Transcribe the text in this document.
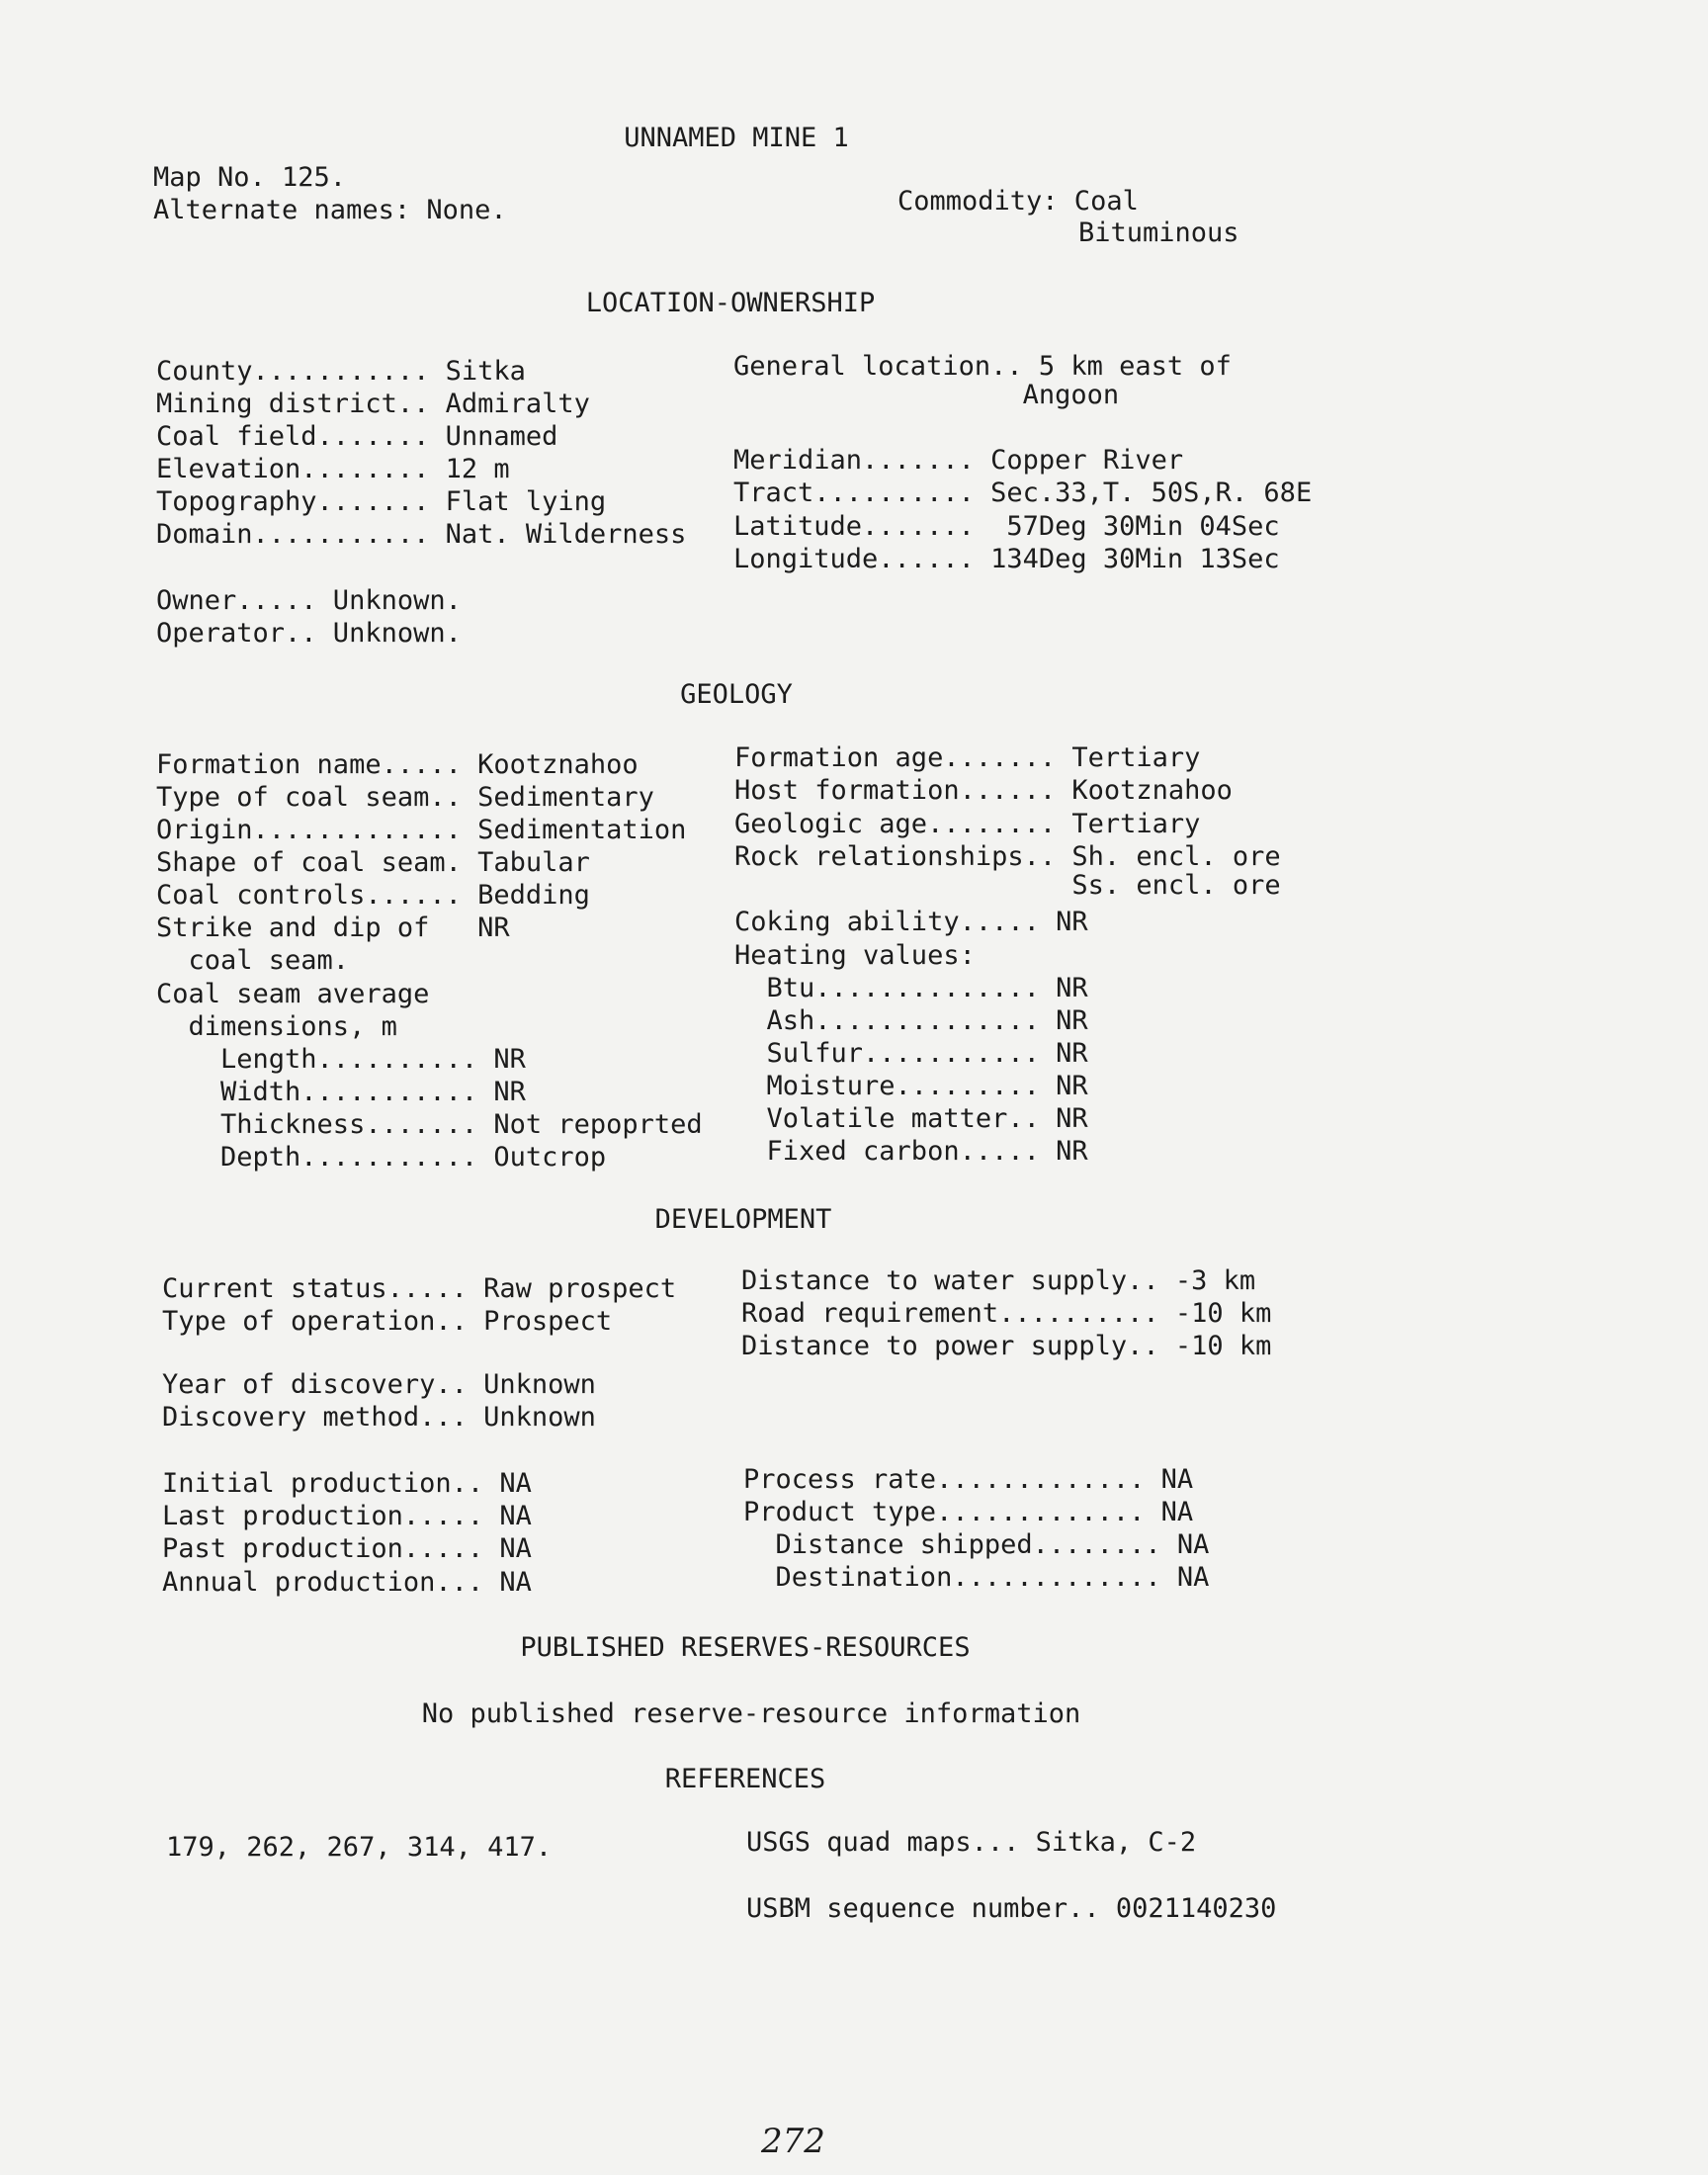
UNNAMED MINE 1
Map No. 125.
Alternate names: None.	Commodity: Coal
Bituminous
LOCATION-OWNERSHIP
County........... Sitka
Mining district.. Admiralty
Coal field....... Unnamed
Elevation........ 12 m
Topography....... Flat lying
Domain........... Nat. Wilderness
General location.. 5 km east of
Angoon
Meridian....... Copper River
Tract.......... Sec.33,T. 50S,R. 68E
Latitude.......  57Deg 30Min 04Sec
Longitude...... 134Deg 30Min 13Sec
Owner..... Unknown.
Operator.. Unknown.
GEOLOGY
Formation name..... Kootznahoo
Type of coal seam.. Sedimentary
Origin............. Sedimentation
Shape of coal seam. Tabular
Coal controls...... Bedding
Strike and dip of   NR
coal seam.
Coal seam average
dimensions, m
Length.......... NR
Width........... NR
Thickness....... Not repoprted
Depth........... Outcrop
Formation age....... Tertiary
Host formation...... Kootznahoo
Geologic age........ Tertiary
Rock relationships.. Sh. encl. ore
Ss. encl. ore
Coking ability..... NR
Heating values:
Btu.............. NR
Ash.............. NR
Sulfur........... NR
Moisture......... NR
Volatile matter.. NR
Fixed carbon..... NR
DEVELOPMENT
Current status..... Raw prospect
Type of operation.. Prospect
Year of discovery.. Unknown
Discovery method... Unknown
Initial production.. NA
Last production..... NA
Past production..... NA
Annual production... NA
Distance to water supply.. -3 km
Road requirement.......... -10 km
Distance to power supply.. -10 km
Process rate............. NA
Product type............. NA
Distance shipped........ NA
Destination............. NA
PUBLISHED RESERVES-RESOURCES
No published reserve-resource information
REFERENCES
179, 262, 267, 314, 417.	USGS quad maps... Sitka, C-2
USBM sequence number.. 0021140230
272
